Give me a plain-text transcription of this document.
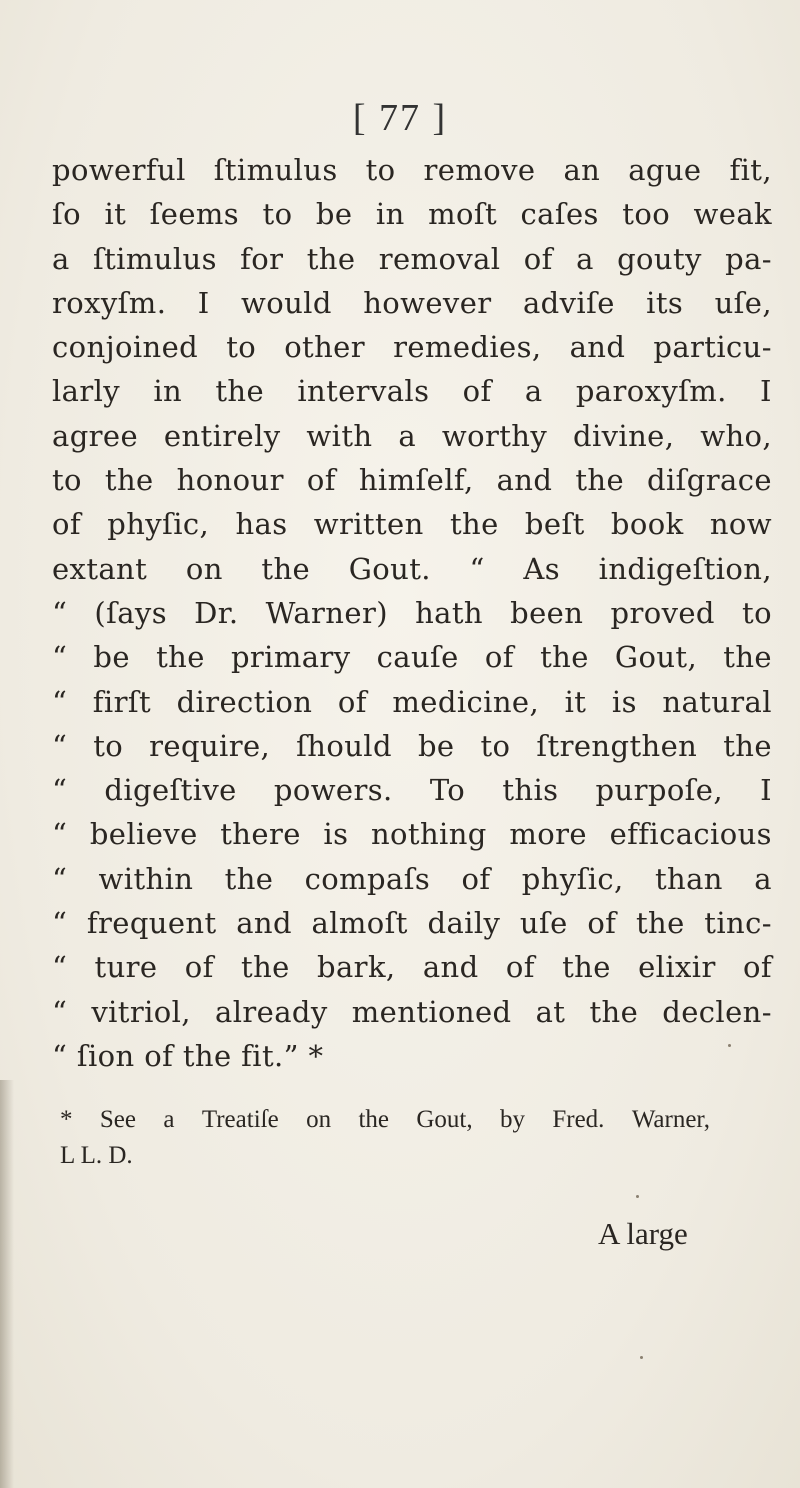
[ 77 ]
powerful ſtimulus to remove an ague fit,
ſo it ſeems to be in moſt caſes too weak
a ſtimulus for the removal of a gouty pa-
roxyſm. I would however adviſe its uſe,
conjoined to other remedies, and particu-
larly in the intervals of a paroxyſm. I
agree entirely with a worthy divine, who,
to the honour of himſelf, and the diſgrace
of phyſic, has written the beſt book now
extant on the Gout. “ As indigeſtion,
“ (ſays Dr. Warner) hath been proved to
“ be the primary cauſe of the Gout, the
“ firſt direction of medicine, it is natural
“ to require, ſhould be to ſtrengthen the
“ digeſtive powers. To this purpoſe, I
“ believe there is nothing more efficacious
“ within the compaſs of phyſic, than a
“ frequent and almoſt daily uſe of the tinc-
“ ture of the bark, and of the elixir of
“ vitriol, already mentioned at the declen-
“ ſion of the fit.” *
* See a Treatiſe on the Gout, by Fred. Warner,
L L. D.
A large
